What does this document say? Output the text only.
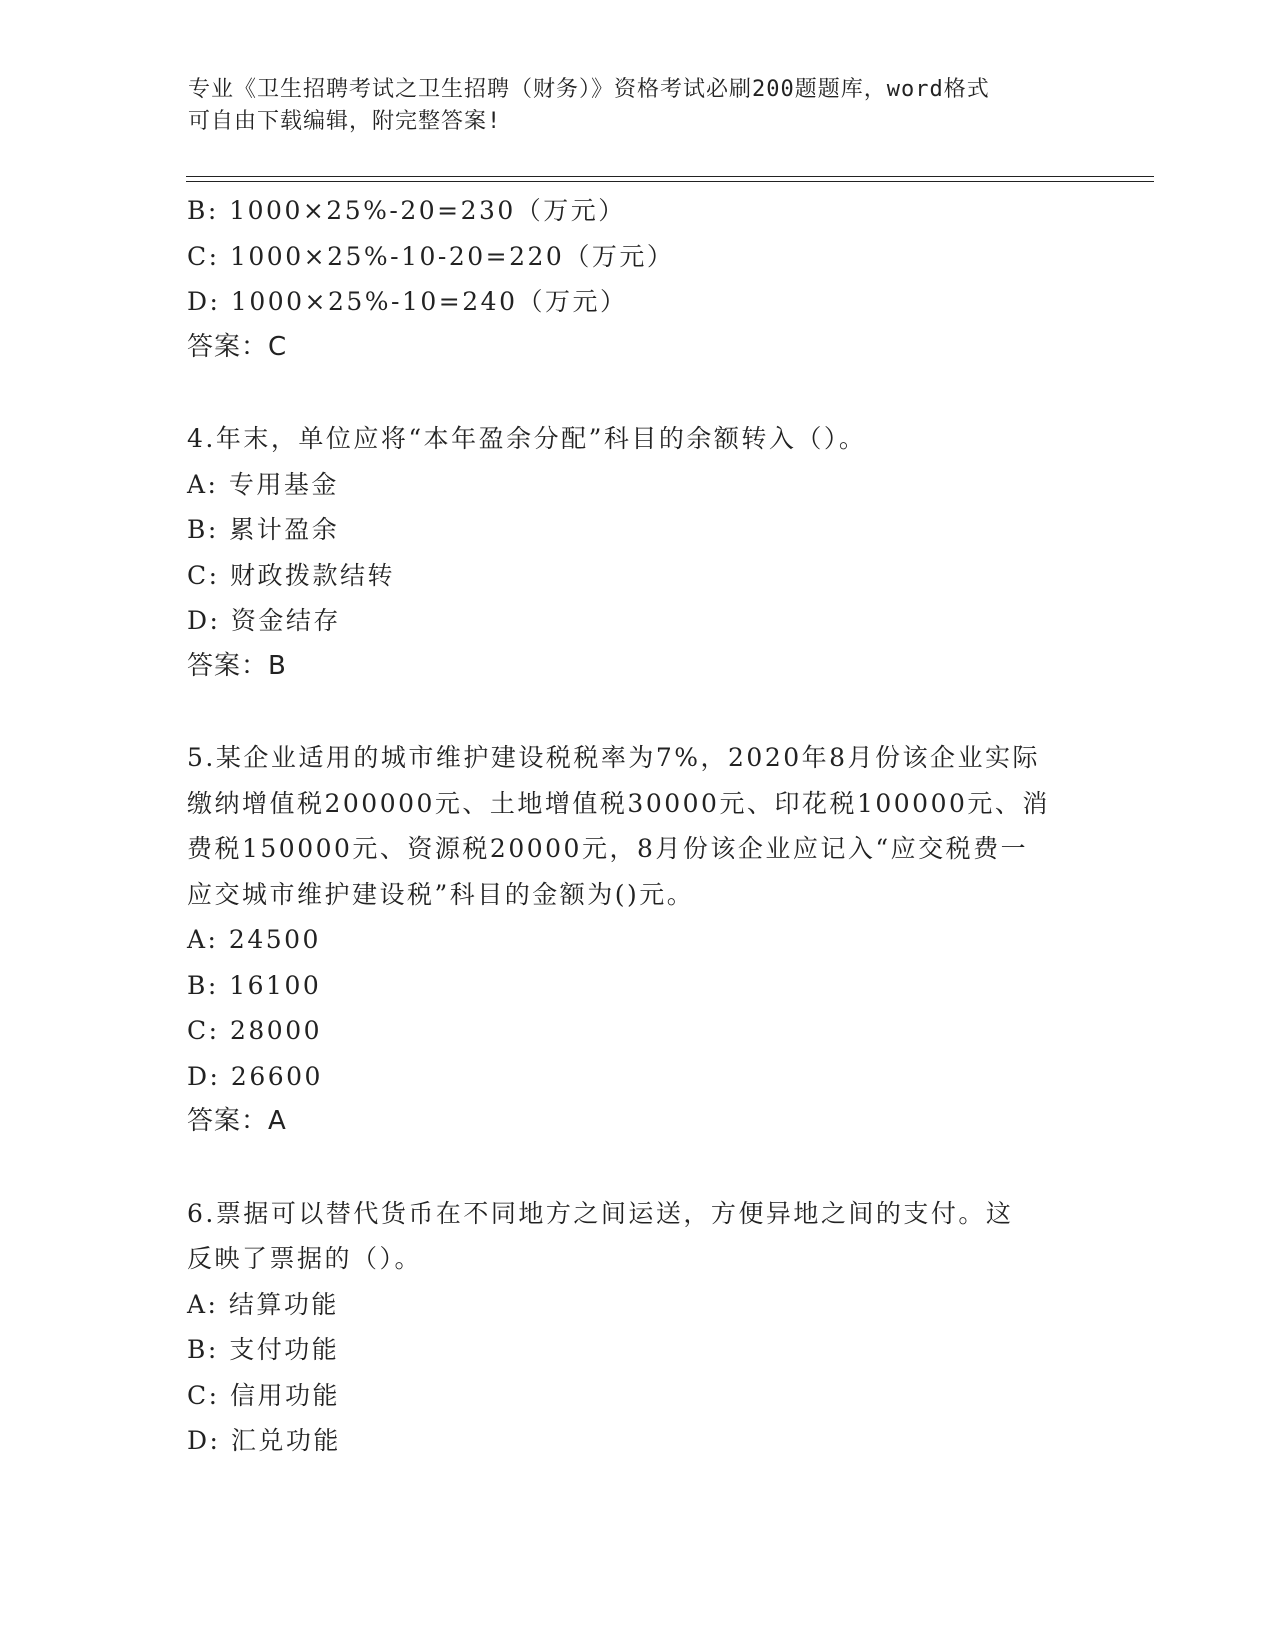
专业《卫生招聘考试之卫生招聘（财务）》资格考试必刷200题题库，word格式
可自由下载编辑，附完整答案!
B: 1000×25%-20=230（万元）
C: 1000×25%-10-20=220（万元）
D: 1000×25%-10=240（万元）
答案：C
4.年末，单位应将“本年盈余分配”科目的余额转入（）。
A: 专用基金
B: 累计盈余
C: 财政拨款结转
D: 资金结存
答案：B
5.某企业适用的城市维护建设税税率为7%，2020年8月份该企业实际
缴纳增值税200000元、土地增值税30000元、印花税100000元、消
费税150000元、资源税20000元，8月份该企业应记入“应交税费一
应交城市维护建设税”科目的金额为()元。
A: 24500
B: 16100
C: 28000
D: 26600
答案：A
6.票据可以替代货币在不同地方之间运送，方便异地之间的支付。这
反映了票据的（）。
A: 结算功能
B: 支付功能
C: 信用功能
D: 汇兑功能
